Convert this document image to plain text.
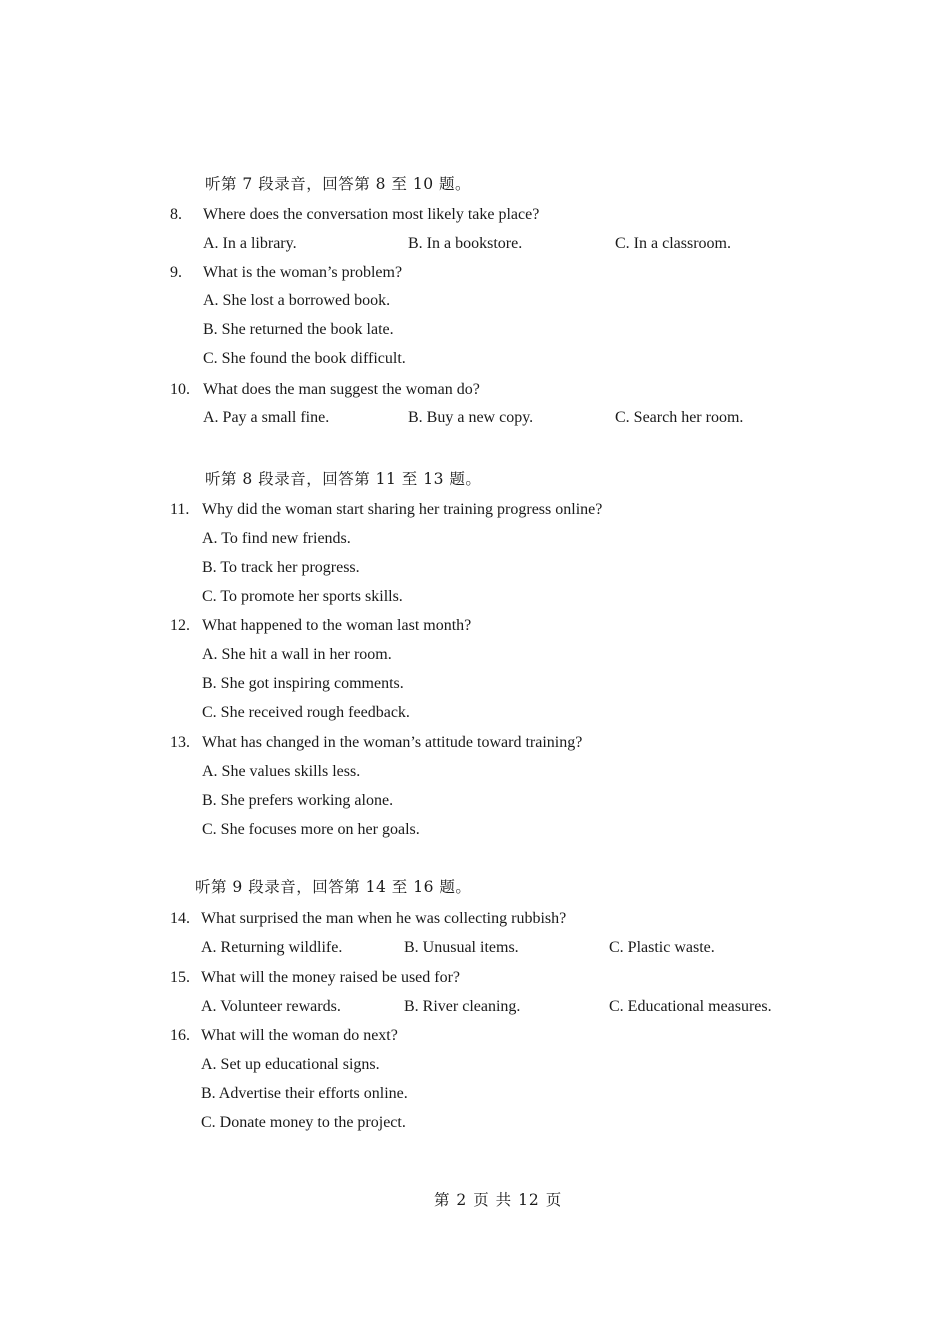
听第 7 段录音，回答第 8 至 10 题。
8. Where does the conversation most likely take place?
A. In a library.	B. In a bookstore.	C. In a classroom.
9. What is the woman’s problem?
A. She lost a borrowed book.
B. She returned the book late.
C. She found the book difficult.
10. What does the man suggest the woman do?
A. Pay a small fine.	B. Buy a new copy.	C. Search her room.
听第 8 段录音，回答第 11 至 13 题。
11. Why did the woman start sharing her training progress online?
A. To find new friends.
B. To track her progress.
C. To promote her sports skills.
12. What happened to the woman last month?
A. She hit a wall in her room.
B. She got inspiring comments.
C. She received rough feedback.
13. What has changed in the woman’s attitude toward training?
A. She values skills less.
B. She prefers working alone.
C. She focuses more on her goals.
听第 9 段录音，回答第 14 至 16 题。
14. What surprised the man when he was collecting rubbish?
A. Returning wildlife.	B. Unusual items.	C. Plastic waste.
15. What will the money raised be used for?
A. Volunteer rewards.	B. River cleaning.	C. Educational measures.
16. What will the woman do next?
A. Set up educational signs.
B. Advertise their efforts online.
C. Donate money to the project.
第 2 页 共 12 页
